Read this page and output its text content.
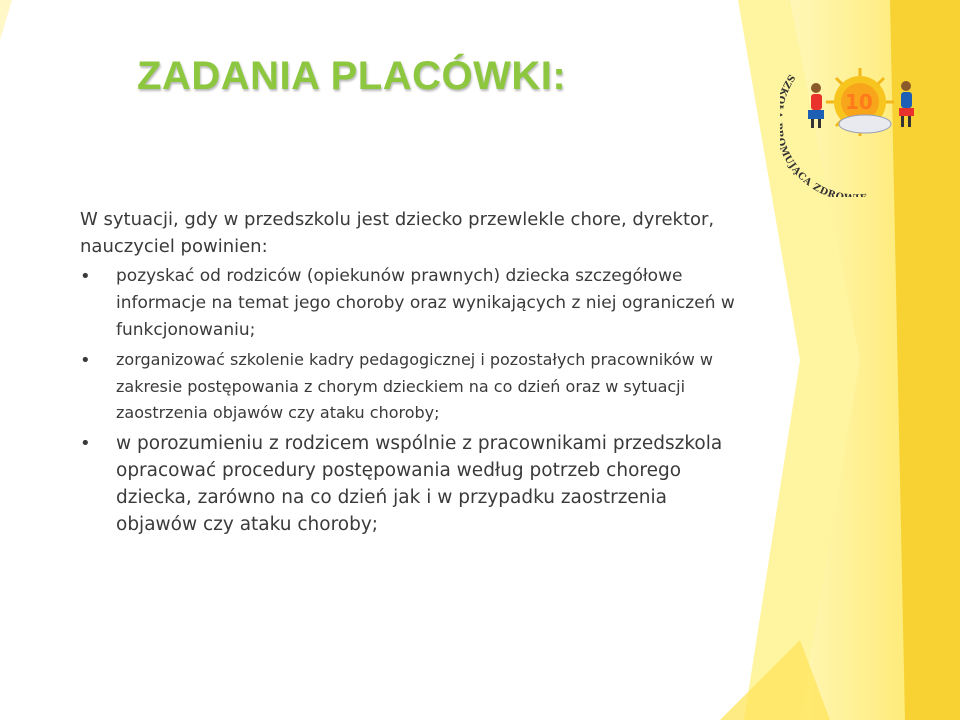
ZADANIA PLACÓWKI:

W sytuacji, gdy w przedszkolu jest dziecko przewlekle chore, dyrektor, nauczyciel powinien:

• pozyskać od rodziców (opiekunów prawnych) dziecka szczegółowe informacje na temat jego choroby oraz wynikających z niej ograniczeń w funkcjonowaniu;
• zorganizować szkolenie kadry pedagogicznej i pozostałych pracowników w zakresie postępowania z chorym dzieckiem na co dzień oraz w sytuacji zaostrzenia objawów czy ataku choroby;
• w porozumieniu z rodzicem wspólnie z pracownikami przedszkola opracować procedury postępowania według potrzeb chorego dziecka, zarówno na co dzień jak i w przypadku zaostrzenia objawów czy ataku choroby;
SZ UJĄCA ZDR
10
